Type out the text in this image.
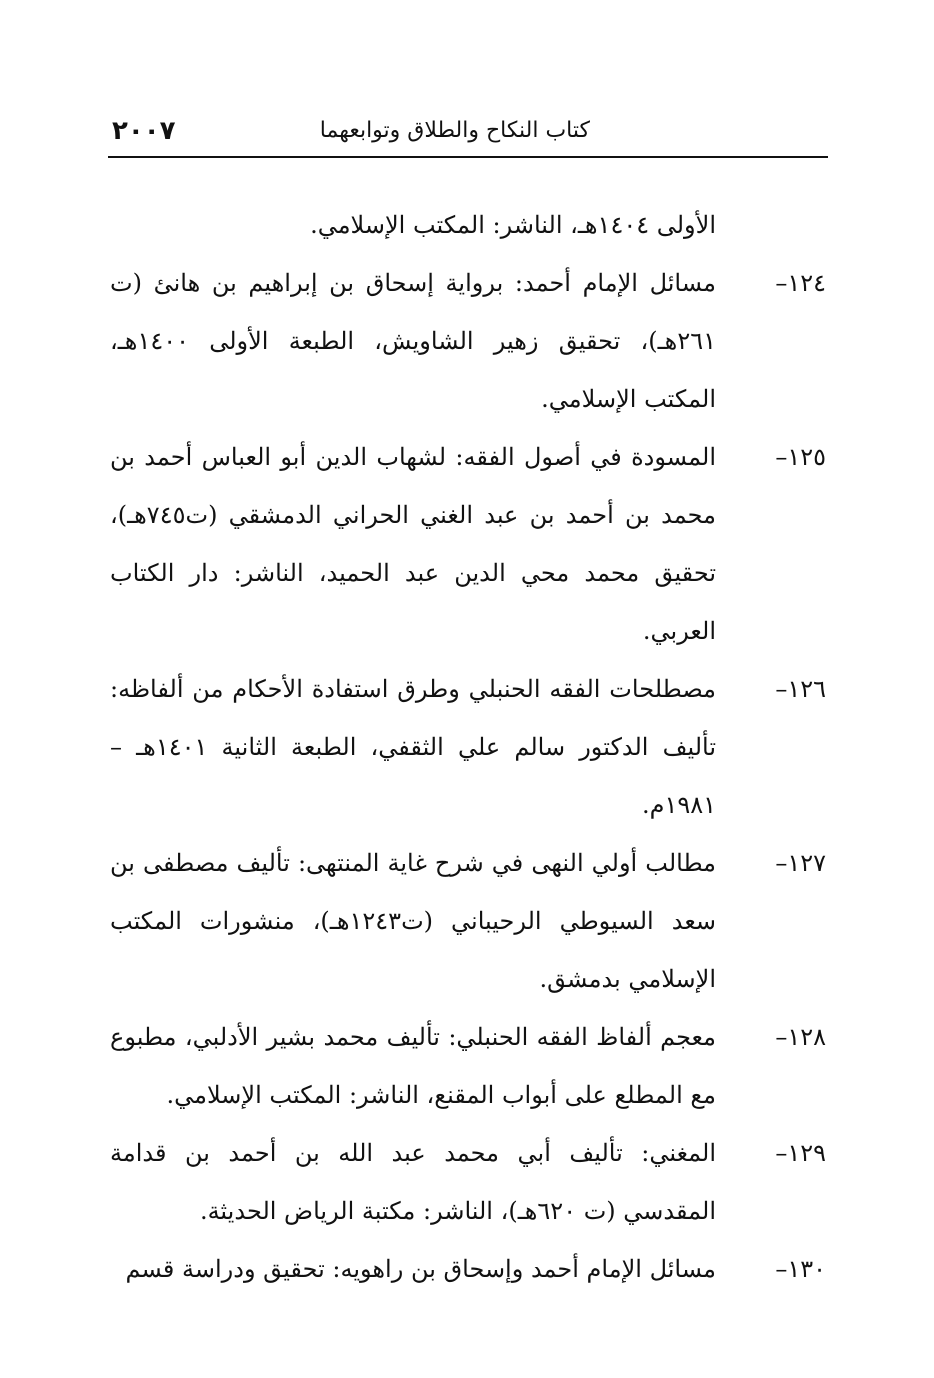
كتاب النكاح والطلاق وتوابعهما
٢٠٠٧
الأولى ١٤٠٤هـ، الناشر: المكتب الإسلامي.
١٢٤–
مسائل الإمام أحمد: برواية إسحاق بن إبراهيم بن هانئ (ت ٢٦١هـ)، تحقيق زهير الشاويش، الطبعة الأولى ١٤٠٠هـ، المكتب الإسلامي.
١٢٥–
المسودة في أصول الفقه: لشهاب الدين أبو العباس أحمد بن محمد بن أحمد بن عبد الغني الحراني الدمشقي (ت٧٤٥هـ)، تحقيق محمد محي الدين عبد الحميد، الناشر: دار الكتاب العربي.
١٢٦–
مصطلحات الفقه الحنبلي وطرق استفادة الأحكام من ألفاظه: تأليف الدكتور سالم علي الثقفي، الطبعة الثانية ١٤٠١هـ – ١٩٨١م.
١٢٧–
مطالب أولي النهى في شرح غاية المنتهى: تأليف مصطفى بن سعد السيوطي الرحيباني (ت١٢٤٣هـ)، منشورات المكتب الإسلامي بدمشق.
١٢٨–
معجم ألفاظ الفقه الحنبلي: تأليف محمد بشير الأدلبي، مطبوع مع المطلع على أبواب المقنع، الناشر: المكتب الإسلامي.
١٢٩–
المغني: تأليف أبي محمد عبد الله بن أحمد بن قدامة المقدسي (ت ٦٢٠هـ)، الناشر: مكتبة الرياض الحديثة.
١٣٠–
مسائل الإمام أحمد وإسحاق بن راهويه: تحقيق ودراسة قسم
